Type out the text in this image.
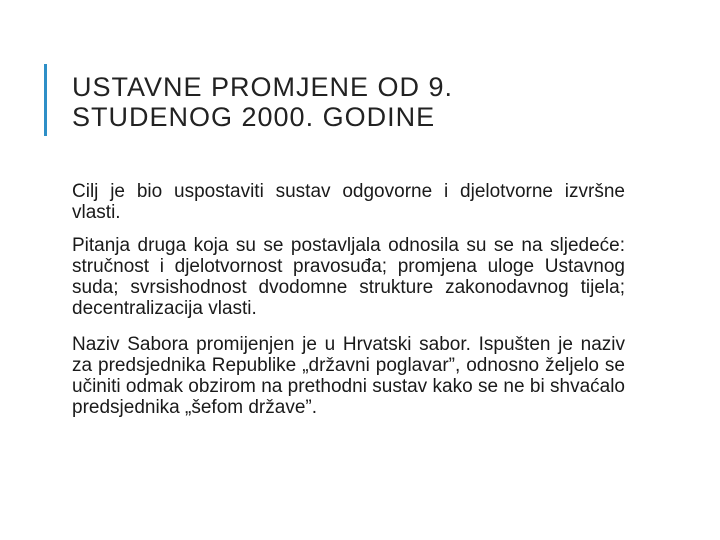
USTAVNE PROMJENE OD 9.
STUDENOG 2000. GODINE

Cilj je bio uspostaviti sustav odgovorne i djelotvorne izvršne vlasti.

Pitanja druga koja su se postavljala odnosila su se na sljedeće: stručnost i djelotvornost pravosuđa; promjena uloge Ustavnog suda; svrsishodnost dvodomne strukture zakonodavnog tijela; decentralizacija vlasti.

Naziv Sabora promijenjen je u Hrvatski sabor. Ispušten je naziv za predsjednika Republike „državni poglavar”, odnosno željelo se učiniti odmak obzirom na prethodni sustav kako se ne bi shvaćalo predsjednika „šefom države”.
